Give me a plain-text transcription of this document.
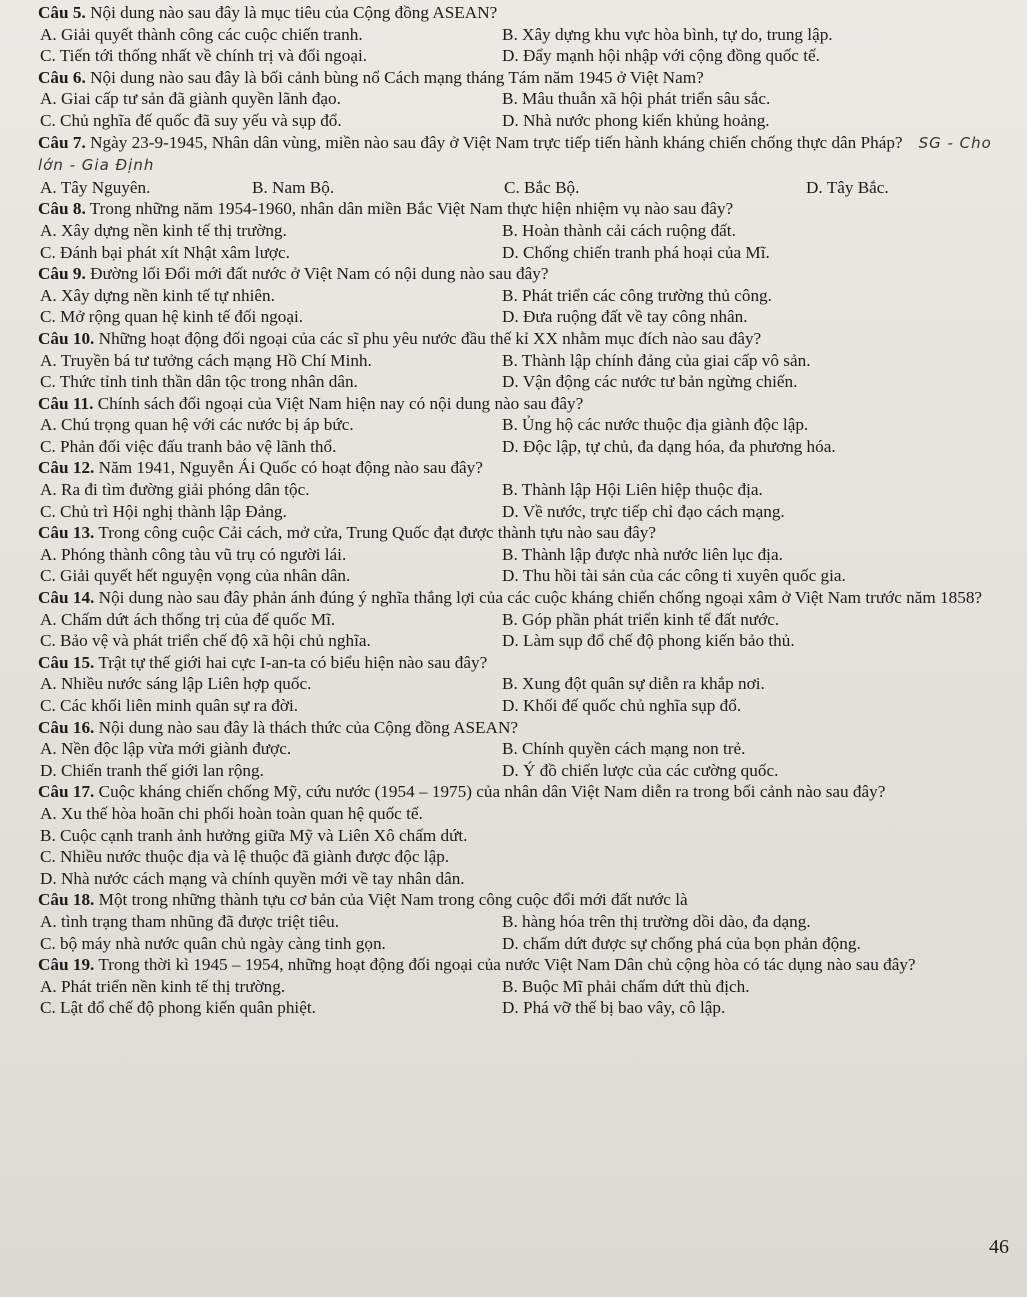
Câu 5. Nội dung nào sau đây là mục tiêu của Cộng đồng ASEAN?
A. Giải quyết thành công các cuộc chiến tranh.	B. Xây dựng khu vực hòa bình, tự do, trung lập.
C. Tiến tới thống nhất về chính trị và đối ngoại.	D. Đẩy mạnh hội nhập với cộng đồng quốc tế.
Câu 6. Nội dung nào sau đây là bối cảnh bùng nổ Cách mạng tháng Tám năm 1945 ở Việt Nam?
A. Giai cấp tư sản đã giành quyền lãnh đạo.	B. Mâu thuẫn xã hội phát triển sâu sắc.
C. Chủ nghĩa đế quốc đã suy yếu và sụp đổ.	D. Nhà nước phong kiến khủng hoảng.
Câu 7. Ngày 23-9-1945, Nhân dân vùng, miền nào sau đây ở Việt Nam trực tiếp tiến hành kháng chiến chống thực dân Pháp? SG - Cho lớn - Gia Định
A. Tây Nguyên.	B. Nam Bộ.	C. Bắc Bộ.	D. Tây Bắc.
Câu 8. Trong những năm 1954-1960, nhân dân miền Bắc Việt Nam thực hiện nhiệm vụ nào sau đây?
A. Xây dựng nền kinh tế thị trường.	B. Hoàn thành cải cách ruộng đất.
C. Đánh bại phát xít Nhật xâm lược.	D. Chống chiến tranh phá hoại của Mĩ.
Câu 9. Đường lối Đổi mới đất nước ở Việt Nam có nội dung nào sau đây?
A. Xây dựng nền kinh tế tự nhiên.	B. Phát triển các công trường thủ công.
C. Mở rộng quan hệ kinh tế đối ngoại.	D. Đưa ruộng đất về tay công nhân.
Câu 10. Những hoạt động đối ngoại của các sĩ phu yêu nước đầu thế kỉ XX nhằm mục đích nào sau đây?
A. Truyền bá tư tưởng cách mạng Hồ Chí Minh.	B. Thành lập chính đảng của giai cấp vô sản.
C. Thức tỉnh tinh thần dân tộc trong nhân dân.	D. Vận động các nước tư bản ngừng chiến.
Câu 11. Chính sách đối ngoại của Việt Nam hiện nay có nội dung nào sau đây?
A. Chú trọng quan hệ với các nước bị áp bức.	B. Ủng hộ các nước thuộc địa giành độc lập.
C. Phản đối việc đấu tranh bảo vệ lãnh thổ.	D. Độc lập, tự chủ, đa dạng hóa, đa phương hóa.
Câu 12. Năm 1941, Nguyễn Ái Quốc có hoạt động nào sau đây?
A. Ra đi tìm đường giải phóng dân tộc.	B. Thành lập Hội Liên hiệp thuộc địa.
C. Chủ trì Hội nghị thành lập Đảng.	D. Về nước, trực tiếp chỉ đạo cách mạng.
Câu 13. Trong công cuộc Cải cách, mở cửa, Trung Quốc đạt được thành tựu nào sau đây?
A. Phóng thành công tàu vũ trụ có người lái.	B. Thành lập được nhà nước liên lục địa.
C. Giải quyết hết nguyện vọng của nhân dân.	D. Thu hồi tài sản của các công ti xuyên quốc gia.
Câu 14. Nội dung nào sau đây phản ánh đúng ý nghĩa thắng lợi của các cuộc kháng chiến chống ngoại xâm ở Việt Nam trước năm 1858?
A. Chấm dứt ách thống trị của đế quốc Mĩ.	B. Góp phần phát triển kinh tế đất nước.
C. Bảo vệ và phát triển chế độ xã hội chủ nghĩa.	D. Làm sụp đổ chế độ phong kiến bảo thủ.
Câu 15. Trật tự thế giới hai cực I-an-ta có biểu hiện nào sau đây?
A. Nhiều nước sáng lập Liên hợp quốc.	B. Xung đột quân sự diễn ra khắp nơi.
C. Các khối liên minh quân sự ra đời.	D. Khối đế quốc chủ nghĩa sụp đổ.
Câu 16. Nội dung nào sau đây là thách thức của Cộng đồng ASEAN?
A. Nền độc lập vừa mới giành được.	B. Chính quyền cách mạng non trẻ.
D. Chiến tranh thế giới lan rộng.	D. Ý đồ chiến lược của các cường quốc.
Câu 17. Cuộc kháng chiến chống Mỹ, cứu nước (1954 – 1975) của nhân dân Việt Nam diễn ra trong bối cảnh nào sau đây?
A. Xu thế hòa hoãn chi phối hoàn toàn quan hệ quốc tế.
B. Cuộc cạnh tranh ảnh hưởng giữa Mỹ và Liên Xô chấm dứt.
C. Nhiều nước thuộc địa và lệ thuộc đã giành được độc lập.
D. Nhà nước cách mạng và chính quyền mới về tay nhân dân.
Câu 18. Một trong những thành tựu cơ bản của Việt Nam trong công cuộc đổi mới đất nước là
A. tình trạng tham nhũng đã được triệt tiêu.	B. hàng hóa trên thị trường dồi dào, đa dạng.
C. bộ máy nhà nước quân chủ ngày càng tinh gọn.	D. chấm dứt được sự chống phá của bọn phản động.
Câu 19. Trong thời kì 1945 – 1954, những hoạt động đối ngoại của nước Việt Nam Dân chủ cộng hòa có tác dụng nào sau đây?
A. Phát triển nền kinh tế thị trường.	B. Buộc Mĩ phải chấm dứt thù địch.
C. Lật đổ chế độ phong kiến quân phiệt.	D. Phá vỡ thế bị bao vây, cô lập.
46
